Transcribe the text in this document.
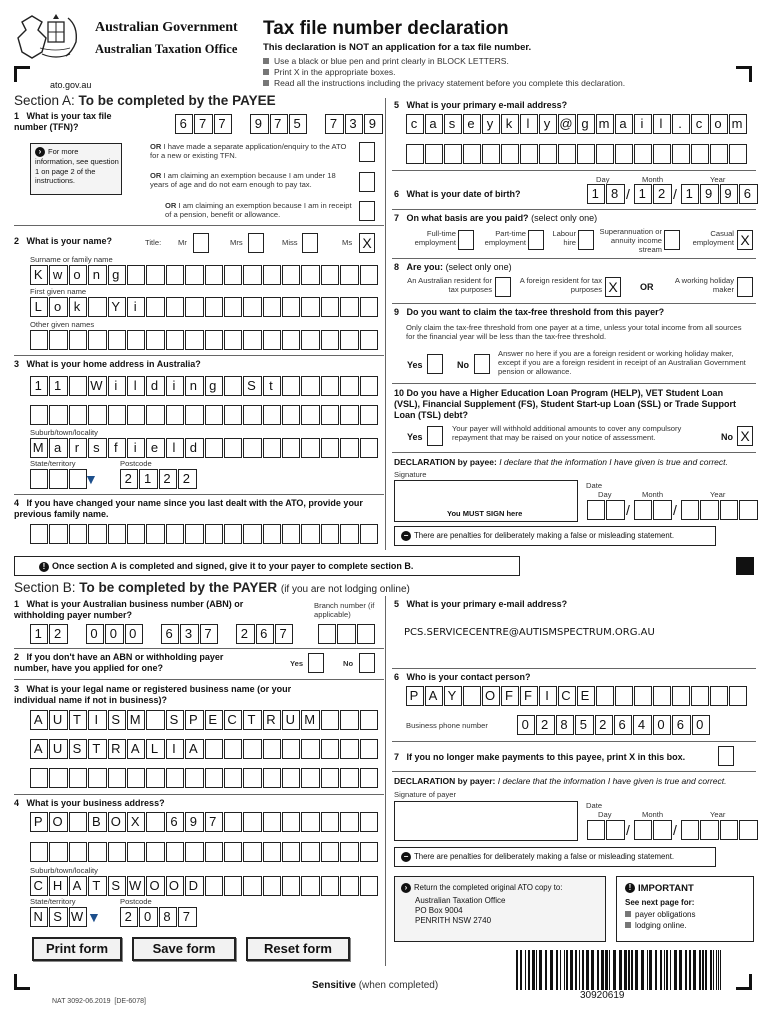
Australian Government
Australian Taxation Office
ato.gov.au
Tax file number declaration
This declaration is NOT an application for a tax file number.
Use a black or blue pen and print clearly in BLOCK LETTERS.
Print X in the appropriate boxes.
Read all the instructions including the privacy statement before you complete this declaration.
Section A: To be completed by the PAYEE
1 What is your tax file number (TFN)?	6 7 7	9 7 5	7 3 9
› For more information, see question 1 on page 2 of the instructions.
OR I have made a separate application/enquiry to the ATO for a new or existing TFN.
OR I am claiming an exemption because I am under 18 years of age and do not earn enough to pay tax.
OR I am claiming an exemption because I am in receipt of a pension, benefit or allowance.
2 What is your name?	Title: Mr	Mrs	Miss	Ms X
Surname or family name
K w o n g
First given name
L o k	Y i
Other given names
3 What is your home address in Australia?
1 1	W i	l d i n g	S t
Suburb/town/locality
M a r s f	i e l d
State/territory
▼
Postcode
2 1 2 2
4 If you have changed your name since you last dealt with the ATO, provide your previous family name.
5 What is your primary e-mail address?
c a s e y k l y @ g m a i	l	. c o m
Day	Month	Year
6 What is your date of birth?	1 8 / 1 2 / 1 9 9 6
7 On what basis are you paid? (select only one)
Full-time employment
Part-time employment
Labour hire
Superannuation or annuity income stream
Casual employment X
8 Are you: (select only one)
An Australian resident for tax purposes
A foreign resident for tax purposes X	OR
A working holiday maker
9 Do you want to claim the tax-free threshold from this payer?
Only claim the tax-free threshold from one payer at a time, unless your total income from all sources for the financial year will be less than the tax-free threshold.
Yes	No
Answer no here if you are a foreign resident or working holiday maker, except if you are a foreign resident in receipt of an Australian Government pension or allowance.
10 Do you have a Higher Education Loan Program (HELP), VET Student Loan (VSL), Financial Supplement (FS), Student Start-up Loan (SSL) or Trade Support Loan (TSL) debt?
Yes
Your payer will withhold additional amounts to cover any compulsory repayment that may be raised on your notice of assessment.	No X
DECLARATION by payee: I declare that the information I have given is true and correct.
Signature
You MUST SIGN here
Date
Day	Month	Year
/	/
− There are penalties for deliberately making a false or misleading statement.
! Once section A is completed and signed, give it to your payer to complete section B.
Section B: To be completed by the PAYER (if you are not lodging online)
1 What is your Australian business number (ABN) or withholding payer number?
Branch number (if applicable)
1 2	0 0 0	6 3 7	2 6 7
2 If you don't have an ABN or withholding payer number, have you applied for one?	Yes	No
3 What is your legal name or registered business name (or your individual name if not in business)?
A U T I S M S P E C T R U M
A U S T R A L I A
4 What is your business address?
P O B O X	6 9 7
Suburb/town/locality
C H A T S W O O D
State/territory
N S W ▼
Postcode
2 0 8 7
5 What is your primary e-mail address?
PCS.SERVICECENTRE@AUTISMSPECTRUM.ORG.AU
6 Who is your contact person?
P A Y O F F I C E
Business phone number	0 2 8 5 2 6 4 0 6 0
7 If you no longer make payments to this payee, print X in this box.
DECLARATION by payer: I declare that the information I have given is true and correct.
Signature of payer
Date
Day	Month	Year
/	/
− There are penalties for deliberately making a false or misleading statement.
› Return the completed original ATO copy to:
Australian Taxation Office
PO Box 9004
PENRITH NSW 2740
! IMPORTANT
See next page for:
payer obligations
lodging online.
Print form	Save form	Reset form
Sensitive (when completed)
NAT 3092-06.2019 [DE-6078]
30920619
